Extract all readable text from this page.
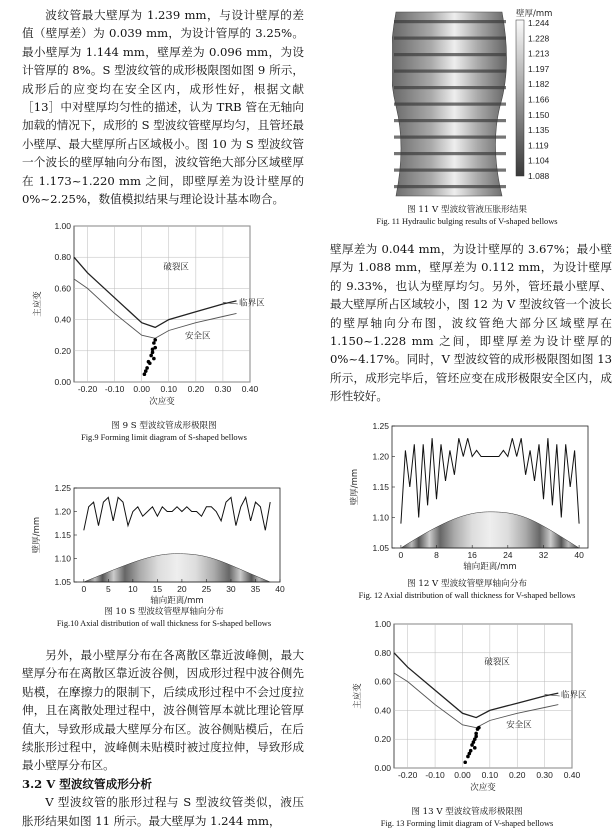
波纹管最大壁厚为 1.239 mm，与设计壁厚的差值（壁厚差）为 0.039 mm，为设计管厚的 3.25%。最小壁厚为 1.144 mm，壁厚差为 0.096 mm，为设计管厚的 8%。S 型波纹管的成形极限图如图 9 所示，成形后的应变均在安全区内，成形性好，根据文献［13］中对壁厚均匀性的描述，认为 TRB 管在无轴向加载的情况下，成形的 S 型波纹管壁厚均匀，且管坯最小壁厚、最大壁厚所占区域极小。图 10 为 S 型波纹管一个波长的壁厚轴向分布图，波纹管绝大部分区域壁厚在 1.173~1.220 mm 之间，即壁厚差为设计壁厚的 0%~2.25%，数值模拟结果与理论设计基本吻合。

-0.20 -0.10 0.00 0.10 0.20 0.30 0.40
0.00
0.20
0.40
0.60
0.80
1.00
破裂区
临界区
安全区
次应变
主应变
图 9 S 型波纹管成形极限图
Fig.9 Forming limit diagram of S-shaped bellows
0 5 10 15 20 25 30 35 40
1.05
1.10
1.15
1.20
1.25
轴向距离/mm
壁厚/mm
图 10 S 型波纹管壁厚轴向分布
Fig.10 Axial distribution of wall thickness for S-shaped bellows

另外，最小壁厚分布在各离散区靠近波峰侧，最大壁厚分布在离散区靠近波谷侧，因成形过程中波谷侧先贴模，在摩擦力的限制下，后续成形过程中不会过度拉伸，且在离散处理过程中，波谷侧管厚本就比理论管厚值大，导致形成最大壁厚分布区。波谷侧贴模后，在后续胀形过程中，波峰侧未贴模时被过度拉伸，导致形成最小壁厚分布区。

3.2 V 型波纹管成形分析

V 型波纹管的胀形过程与 S 型波纹管类似，液压胀形结果如图 11 所示。最大壁厚为 1.244 mm，

壁厚/mm
1.244
1.228
1.213
1.197
1.182
1.166
1.150
1.135
1.119
1.104
1.088
图 11 V 型波纹管液压胀形结果
Fig. 11 Hydraulic bulging results of V-shaped bellows

壁厚差为 0.044 mm，为设计壁厚的 3.67%；最小壁厚为 1.088 mm，壁厚差为 0.112 mm，为设计壁厚的 9.33%，也认为壁厚均匀。另外，管坯最小壁厚、最大壁厚所占区域较小，图 12 为 V 型波纹管一个波长的壁厚轴向分布图，波纹管绝大部分区域壁厚在 1.150~1.228 mm 之间，即壁厚差为设计壁厚的 0%~4.17%。同时，V 型波纹管的成形极限图如图 13 所示，成形完毕后，管坯应变在成形极限安全区内，成形性较好。

0	8	16	24	32	40
1.05
1.10
1.15
1.20
1.25
轴向距离/mm
壁厚/mm
图 12 V 型波纹管壁厚轴向分布
Fig. 12 Axial distribution of wall thickness for V-shaped bellows
-0.20 -0.10 0.00 0.10 0.20 0.30 0.40
0.00
0.20
0.40
0.60
0.80
1.00
破裂区
临界区
安全区
次应变
主应变
图 13 V 型波纹管成形极限图
Fig. 13 Forming limit diagram of V-shaped bellows
